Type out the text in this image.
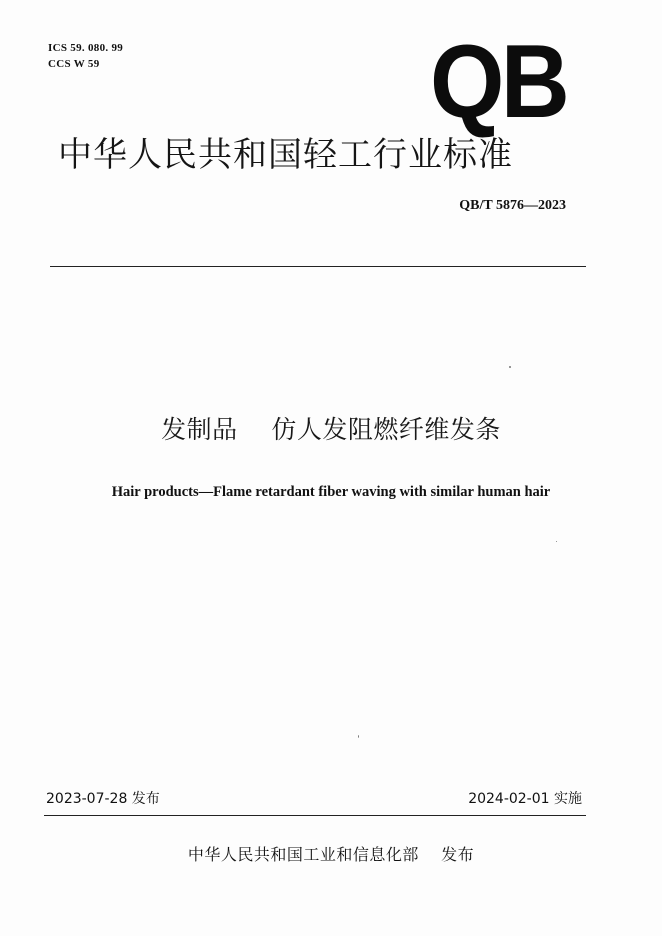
ICS 59. 080. 99
CCS W 59	QB
中华人民共和国轻工行业标准
QB/T 5876—2023
发制品    仿人发阻燃纤维发条
Hair products—Flame retardant fiber waving with similar human hair
2023-07-28 发布	2024-02-01 实施
中华人民共和国工业和信息化部    发布
